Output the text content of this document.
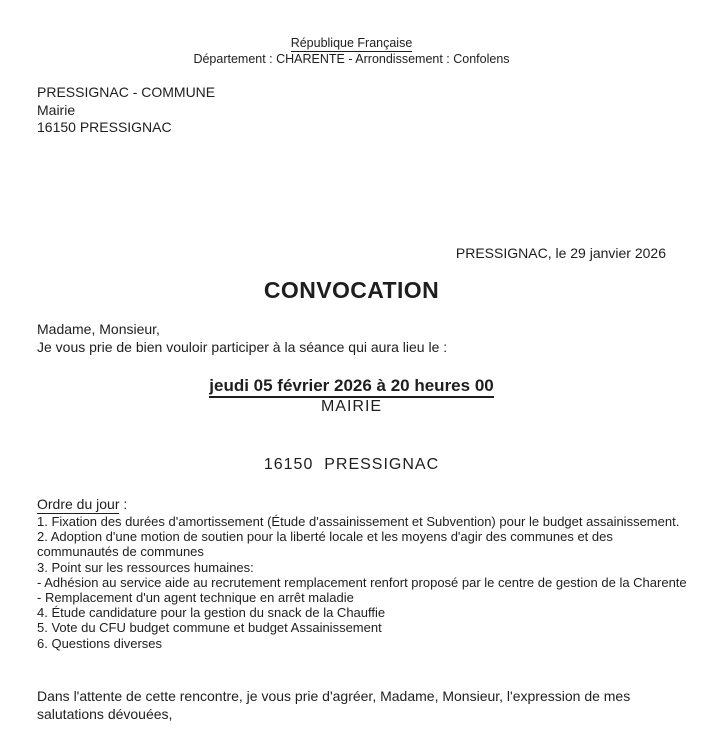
République Française
Département : CHARENTE - Arrondissement : Confolens
PRESSIGNAC - COMMUNE
Mairie
16150 PRESSIGNAC
PRESSIGNAC, le 29 janvier 2026
CONVOCATION
Madame, Monsieur,
Je vous prie de bien vouloir participer à la séance qui aura lieu le :
jeudi 05 février 2026 à 20 heures 00
MAIRIE
16150  PRESSIGNAC
Ordre du jour :
1. Fixation des durées d'amortissement (Étude d'assainissement et Subvention) pour le budget assainissement.
2. Adoption d'une motion de soutien pour la liberté locale et les moyens d'agir des communes et des
communautés de communes
3. Point sur les ressources humaines:
- Adhésion au service aide au recrutement remplacement renfort proposé par le centre de gestion de la Charente
- Remplacement d'un agent technique en arrêt maladie
4. Étude candidature pour la gestion du snack de la Chauffie
5. Vote du CFU budget commune et budget Assainissement
6. Questions diverses
Dans l'attente de cette rencontre, je vous prie d'agréer, Madame, Monsieur, l'expression de mes salutations dévouées,
